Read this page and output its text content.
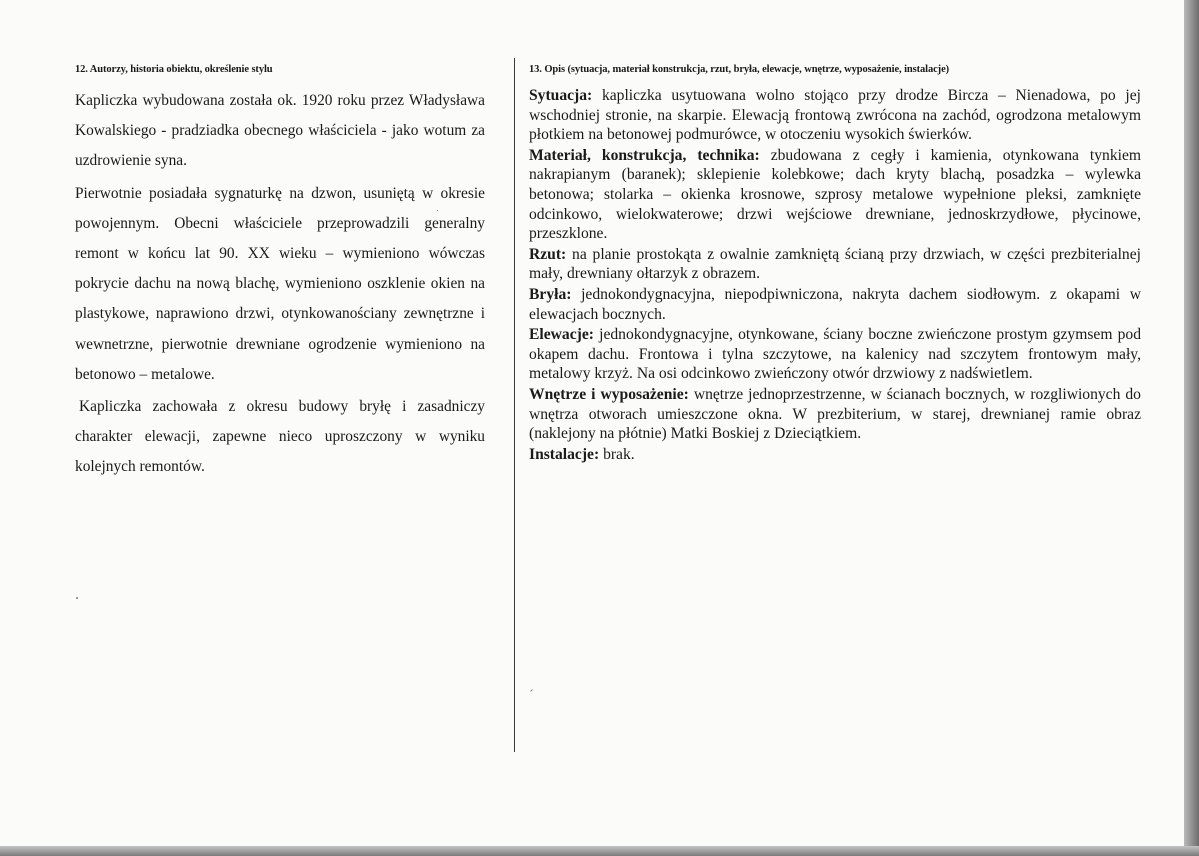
12. Autorzy, historia obiektu, określenie stylu

Kapliczka wybudowana została ok. 1920 roku przez Władysława Kowalskiego - pradziadka obecnego właściciela - jako wotum za uzdrowienie syna.

Pierwotnie posiadała sygnaturkę na dzwon, usuniętą w okresie powojennym. Obecni właściciele przeprowadzili generalny remont w końcu lat 90. XX wieku – wymieniono wówczas pokrycie dachu na nową blachę, wymieniono oszklenie okien na plastykowe, naprawiono drzwi, otynkowanościany zewnętrzne i wewnetrzne, pierwotnie drewniane ogrodzenie wymieniono na betonowo – metalowe.

Kapliczka zachowała z okresu budowy bryłę i zasadniczy charakter elewacji, zapewne nieco uproszczony w wyniku kolejnych remontów.

13. Opis (sytuacja, materiał konstrukcja, rzut, bryła, elewacje, wnętrze, wyposażenie, instalacje)

Sytuacja: kapliczka usytuowana wolno stojąco przy drodze Bircza – Nienadowa, po jej wschodniej stronie, na skarpie. Elewacją frontową zwrócona na zachód, ogrodzona metalowym płotkiem na betonowej podmurówce, w otoczeniu wysokich świerków.

Materiał, konstrukcja, technika: zbudowana z cegły i kamienia, otynkowana tynkiem nakrapianym (baranek); sklepienie kolebkowe; dach kryty blachą, posadzka – wylewka betonowa; stolarka – okienka krosnowe, szprosy metalowe wypełnione pleksi, zamknięte odcinkowo, wielokwaterowe; drzwi wejściowe drewniane, jednoskrzydłowe, płycinowe, przeszklone.

Rzut: na planie prostokąta z owalnie zamkniętą ścianą przy drzwiach, w części prezbiterialnej mały, drewniany ołtarzyk z obrazem.

Bryła: jednokondygnacyjna, niepodpiwniczona, nakryta dachem siodłowym. z okapami w elewacjach bocznych.

Elewacje: jednokondygnacyjne, otynkowane, ściany boczne zwieńczone prostym gzymsem pod okapem dachu. Frontowa i tylna szczytowe, na kalenicy nad szczytem frontowym mały, metalowy krzyż. Na osi odcinkowo zwieńczony otwór drzwiowy z nadświetlem.

Wnętrze i wyposażenie: wnętrze jednoprzestrzenne, w ścianach bocznych, w rozgliwionych do wnętrza otworach umieszczone okna. W prezbiterium, w starej, drewnianej ramie obraz (naklejony na płótnie) Matki Boskiej z Dzieciątkiem.

Instalacje: brak.
